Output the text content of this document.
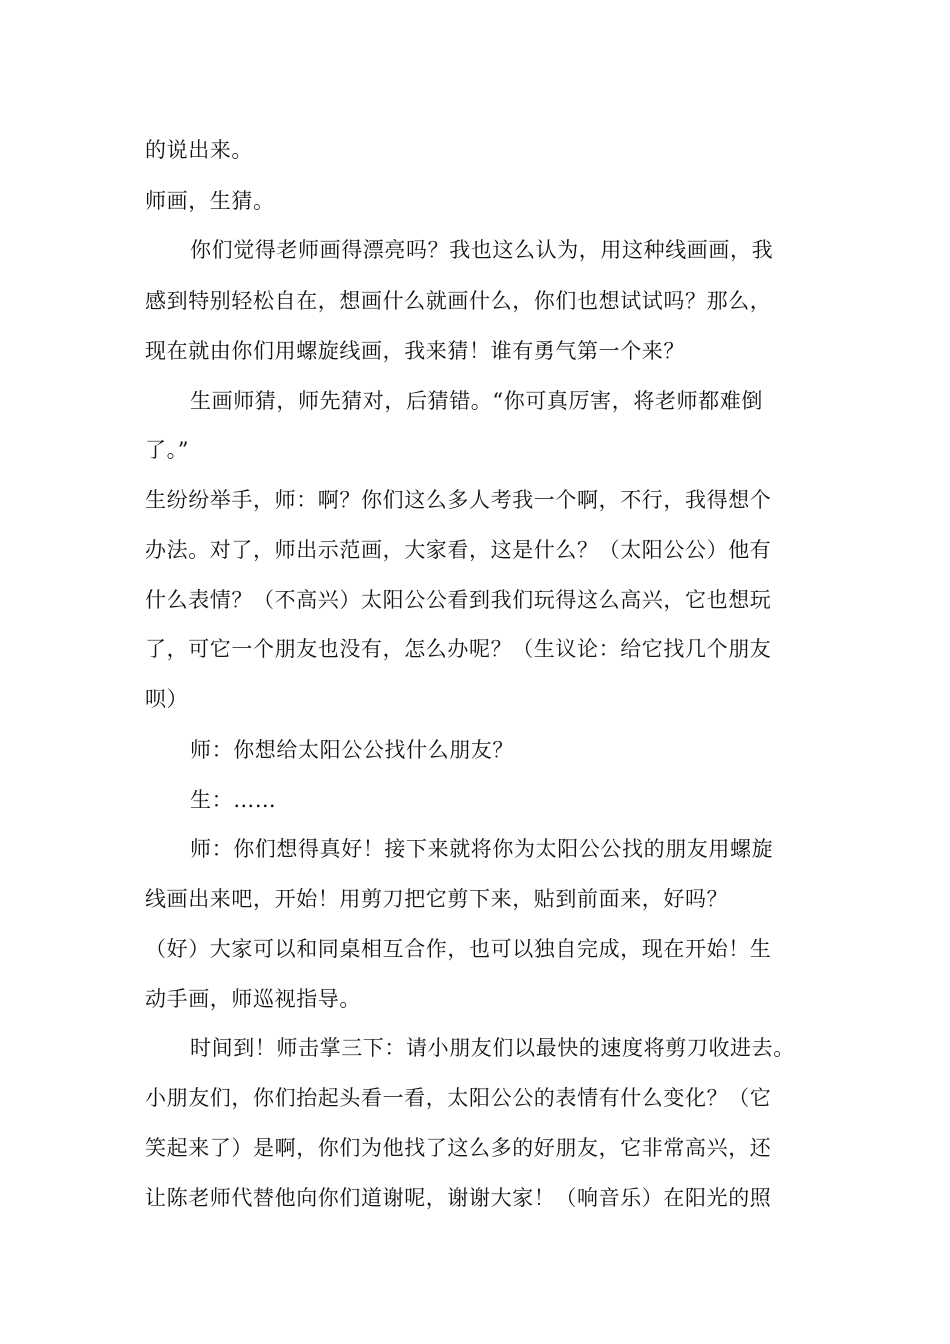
的说出来。

师画，生猜。

你们觉得老师画得漂亮吗？我也这么认为，用这种线画画，我

感到特别轻松自在，想画什么就画什么，你们也想试试吗？那么，

现在就由你们用螺旋线画，我来猜！谁有勇气第一个来？

生画师猜，师先猜对，后猜错。“你可真厉害，将老师都难倒

了。”

生纷纷举手，师：啊？你们这么多人考我一个啊，不行，我得想个

办法。对了，师出示范画，大家看，这是什么？（太阳公公）他有

什么表情？（不高兴）太阳公公看到我们玩得这么高兴，它也想玩

了，可它一个朋友也没有，怎么办呢？（生议论：给它找几个朋友

呗）

师：你想给太阳公公找什么朋友？

生：……

师：你们想得真好！接下来就将你为太阳公公找的朋友用螺旋

线画出来吧，开始！用剪刀把它剪下来，贴到前面来，好吗？

（好）大家可以和同桌相互合作，也可以独自完成，现在开始！生

动手画，师巡视指导。

时间到！师击掌三下：请小朋友们以最快的速度将剪刀收进去。

小朋友们，你们抬起头看一看，太阳公公的表情有什么变化？（它

笑起来了）是啊，你们为他找了这么多的好朋友，它非常高兴，还

让陈老师代替他向你们道谢呢，谢谢大家！（响音乐）在阳光的照
